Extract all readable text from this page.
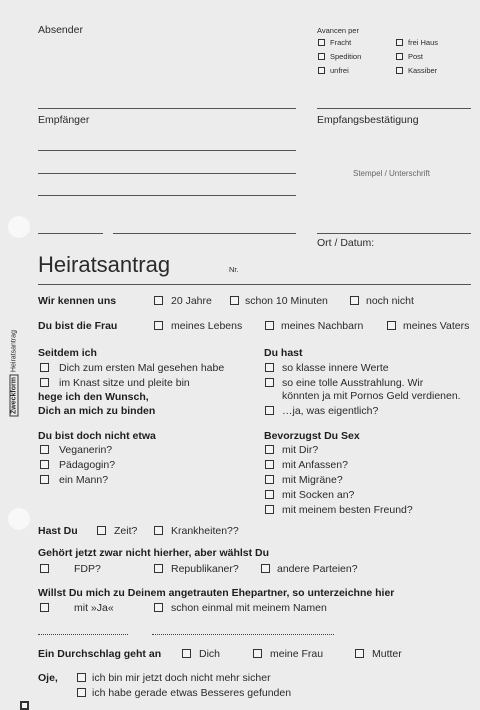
Absender	Avancen per
Fracht	frei Haus
Spedition	Post
unfrei	Kassiber
Empfänger	Empfangsbestätigung
Stempel / Unterschrift
Ort / Datum:
Heiratsantrag	Nr.
Zweckform Heiratsantrag
Wir kennen uns	20 Jahre	schon 10 Minuten	noch nicht
Du bist die Frau	meines Lebens	meines Nachbarn	meines Vaters
Seitdem ich
Dich zum ersten Mal gesehen habe
im Knast sitze und pleite bin
hege ich den Wunsch,
Dich an mich zu binden
Du hast
so klasse innere Werte
so eine tolle Ausstrahlung. Wir
könnten ja mit Pornos Geld verdienen.
…ja, was eigentlich?
Du bist doch nicht etwa
Veganerin?
Pädagogin?
ein Mann?
Bevorzugst Du Sex
mit Dir?
mit Anfassen?
mit Migräne?
mit Socken an?
mit meinem besten Freund?
Hast Du	Zeit?	Krankheiten??
Gehört jetzt zwar nicht hierher, aber wählst Du
FDP?	Republikaner?	andere Parteien?
Willst Du mich zu Deinem angetrauten Ehepartner, so unterzeichne hier
mit »Ja«	schon einmal mit meinem Namen
Ein Durchschlag geht an	Dich	meine Frau	Mutter
Oje,	ich bin mir jetzt doch nicht mehr sicher
ich habe gerade etwas Besseres gefunden
